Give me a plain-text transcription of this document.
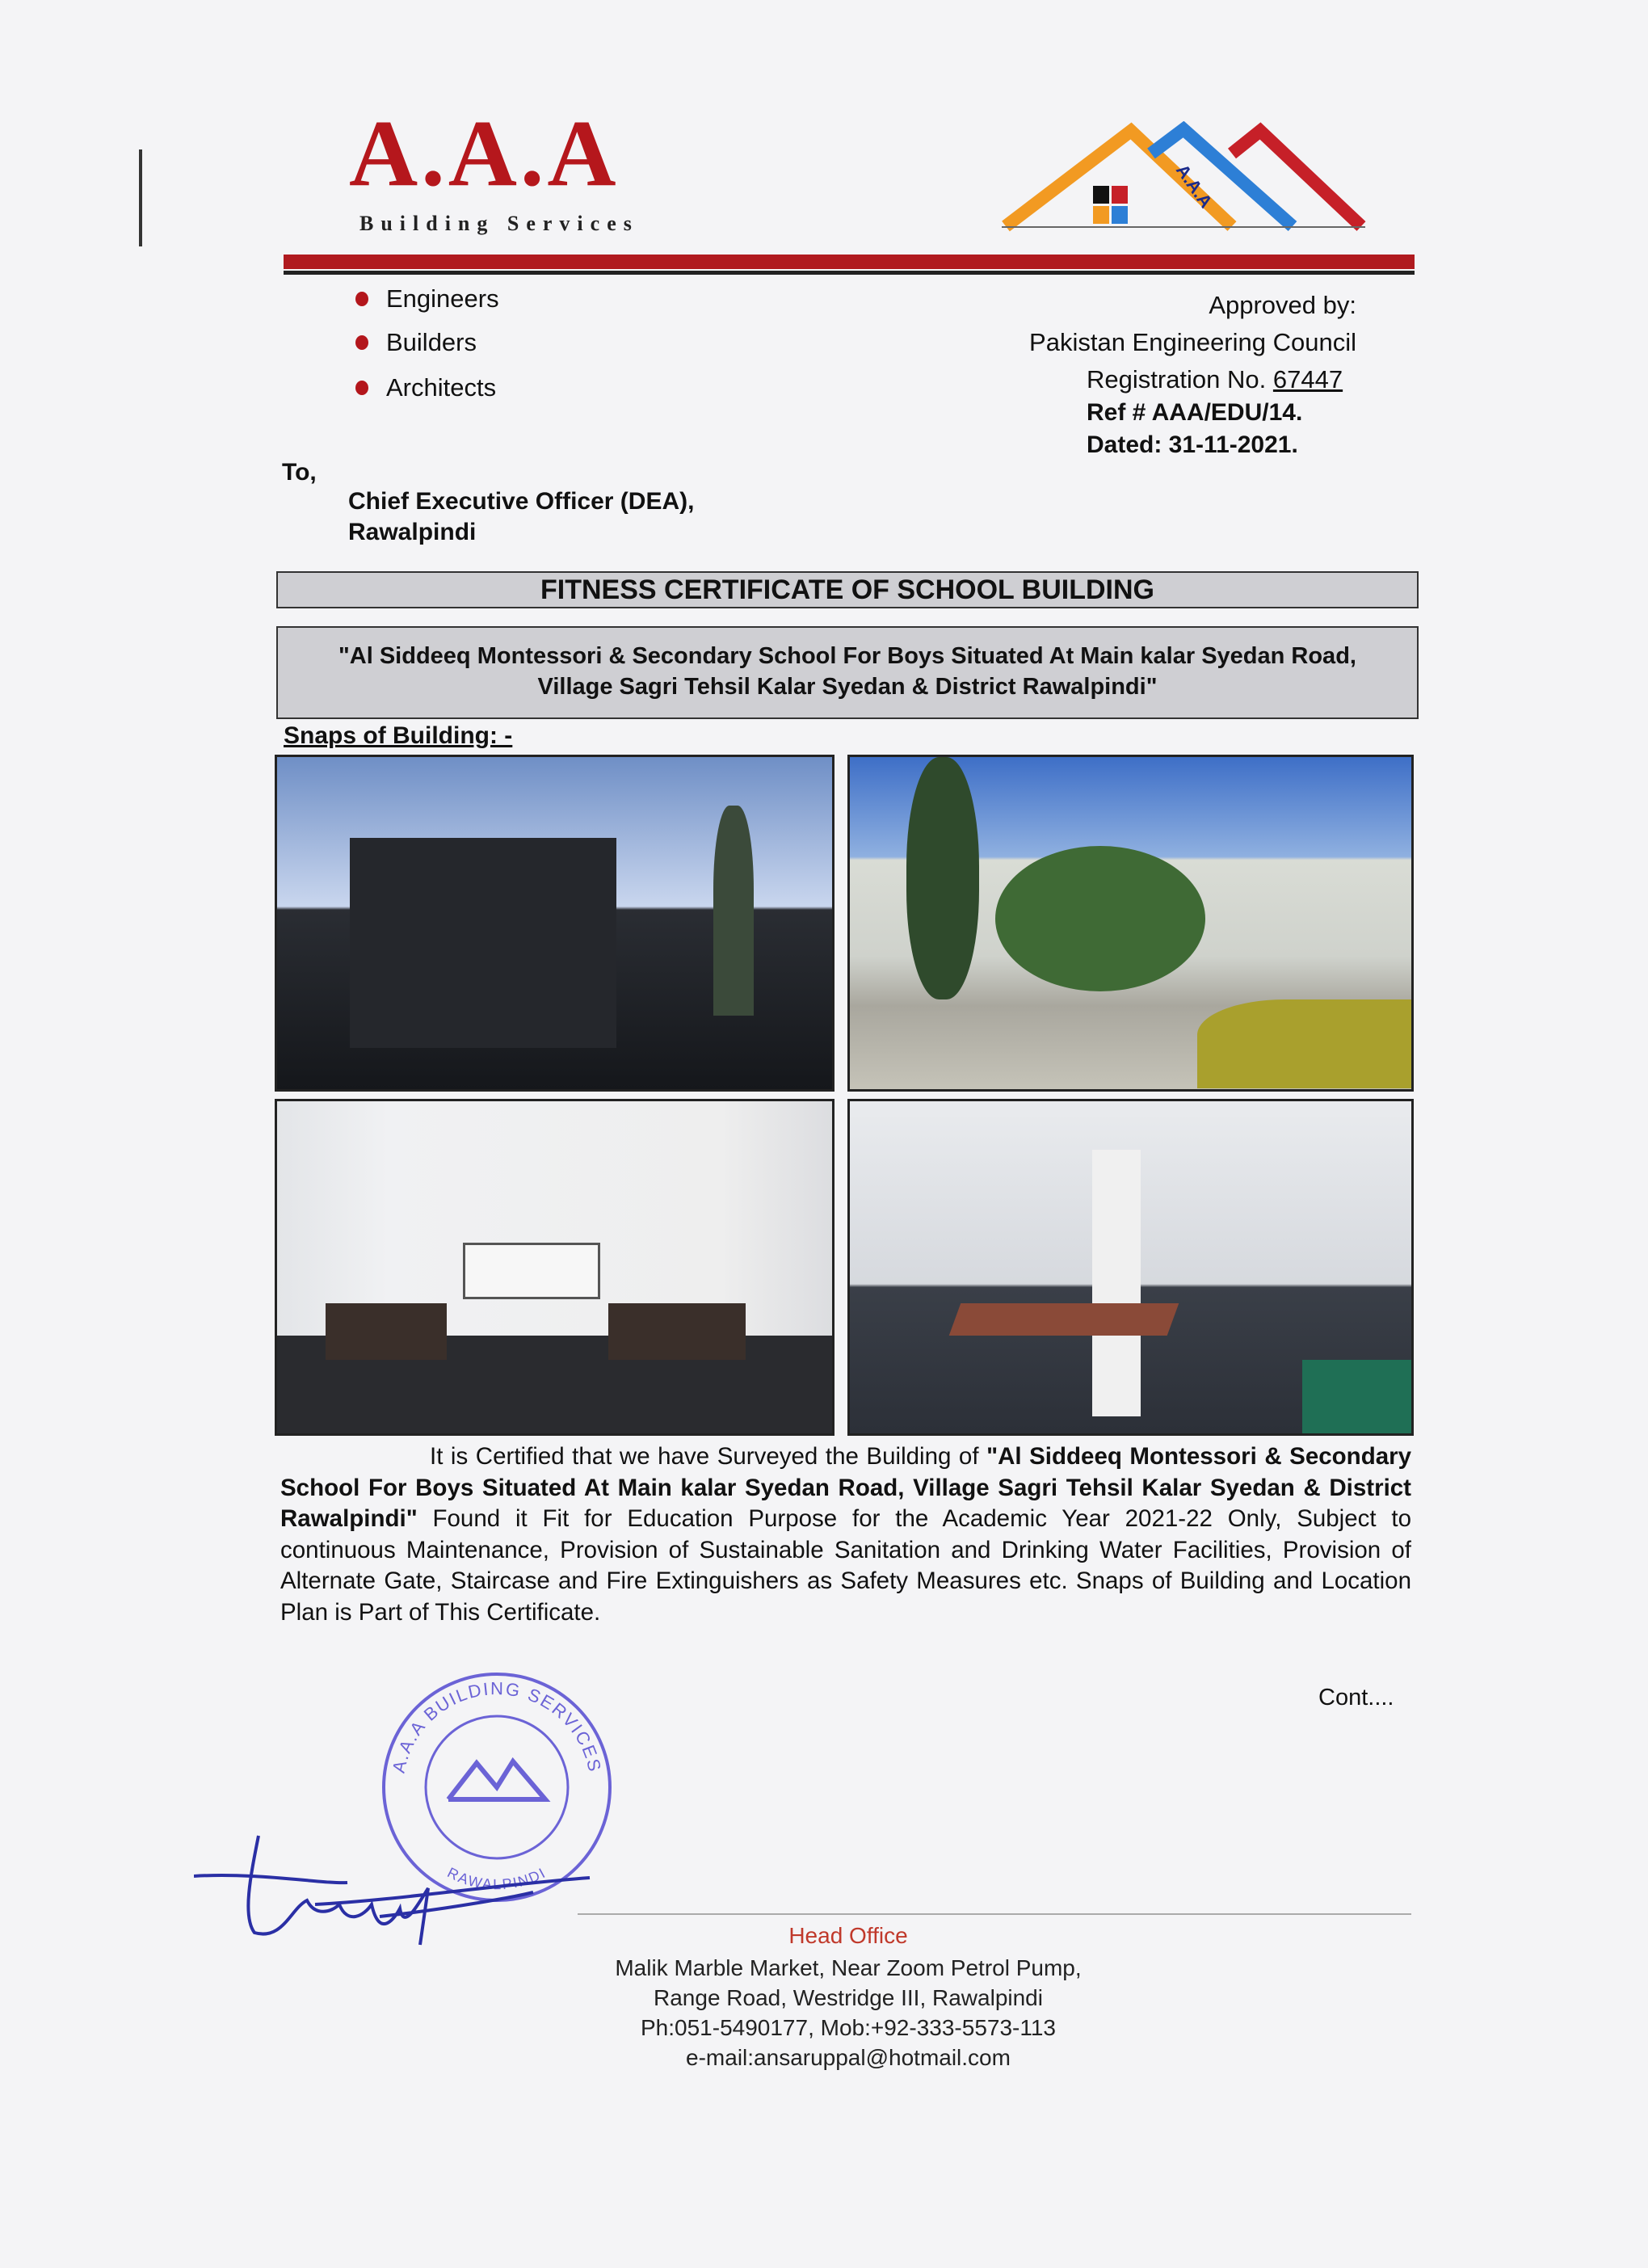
A.A.A
Building Services
A.A.A
Engineers
Builders
Architects
Approved by:
Pakistan Engineering Council
Registration No. 67447
Ref # AAA/EDU/14.
Dated: 31-11-2021.
To,
Chief Executive Officer (DEA),
Rawalpindi
FITNESS CERTIFICATE OF SCHOOL BUILDING
"Al Siddeeq Montessori & Secondary School For Boys Situated At Main kalar Syedan Road,
Village Sagri Tehsil Kalar Syedan & District Rawalpindi"
Snaps of Building: -
It is Certified that we have Surveyed the Building of "Al Siddeeq Montessori & Secondary School For Boys Situated At Main kalar Syedan Road, Village Sagri Tehsil Kalar Syedan & District Rawalpindi" Found it Fit for Education Purpose for the Academic Year 2021-22 Only, Subject to continuous Maintenance, Provision of Sustainable Sanitation and Drinking Water Facilities, Provision of Alternate Gate, Staircase and Fire Extinguishers as Safety Measures etc. Snaps of Building and Location Plan is Part of This Certificate.
Cont....
A.A.A BUILDING SERVICES
RAWALPINDI
Head Office
Malik Marble Market, Near Zoom Petrol Pump,
Range Road, Westridge III, Rawalpindi
Ph:051-5490177, Mob:+92-333-5573-113
e-mail:ansaruppal@hotmail.com
